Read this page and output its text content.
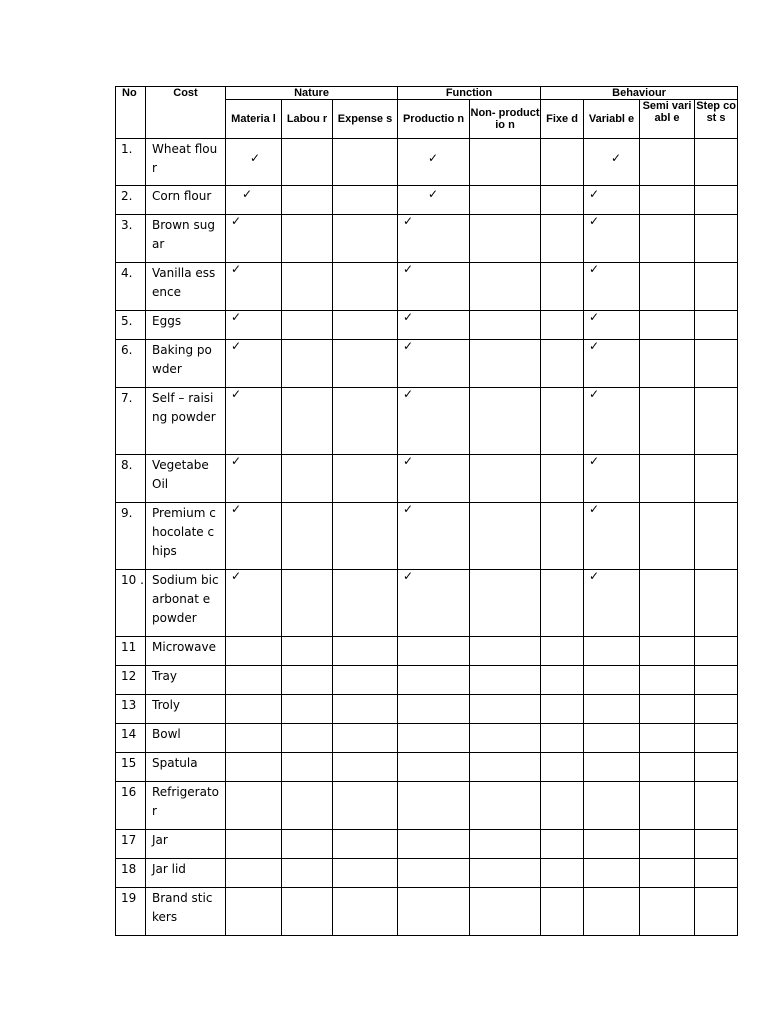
No	Cost	Nature			Function		Behaviour			
		Materia l	Labou r	Expense s	Productio n	Non- productio n	Fixe d	Variabl e	Semi variabl e	Step cost s
1.	Wheat flour	✓			✓			✓		

2.	Corn flour	✓			✓			✓		

3.	Brown sugar	✓			✓			✓		

4.	Vanilla essence	✓			✓			✓		

5.	Eggs	✓			✓			✓		

6.	Baking powder	✓			✓			✓		

7.	Self – raising powder	✓			✓			✓		

8.	Vegetabe Oil	✓			✓			✓		

9.	Premium chocolate chips	✓			✓			✓		

10 .	Sodium bicarbonat e powder	✓			✓			✓		

11	Microwave									
12	Tray									
13	Troly									
14	Bowl									
15	Spatula									
16	Refrigerato r									
17	Jar									
18	Jar lid									
19	Brand stickers									
